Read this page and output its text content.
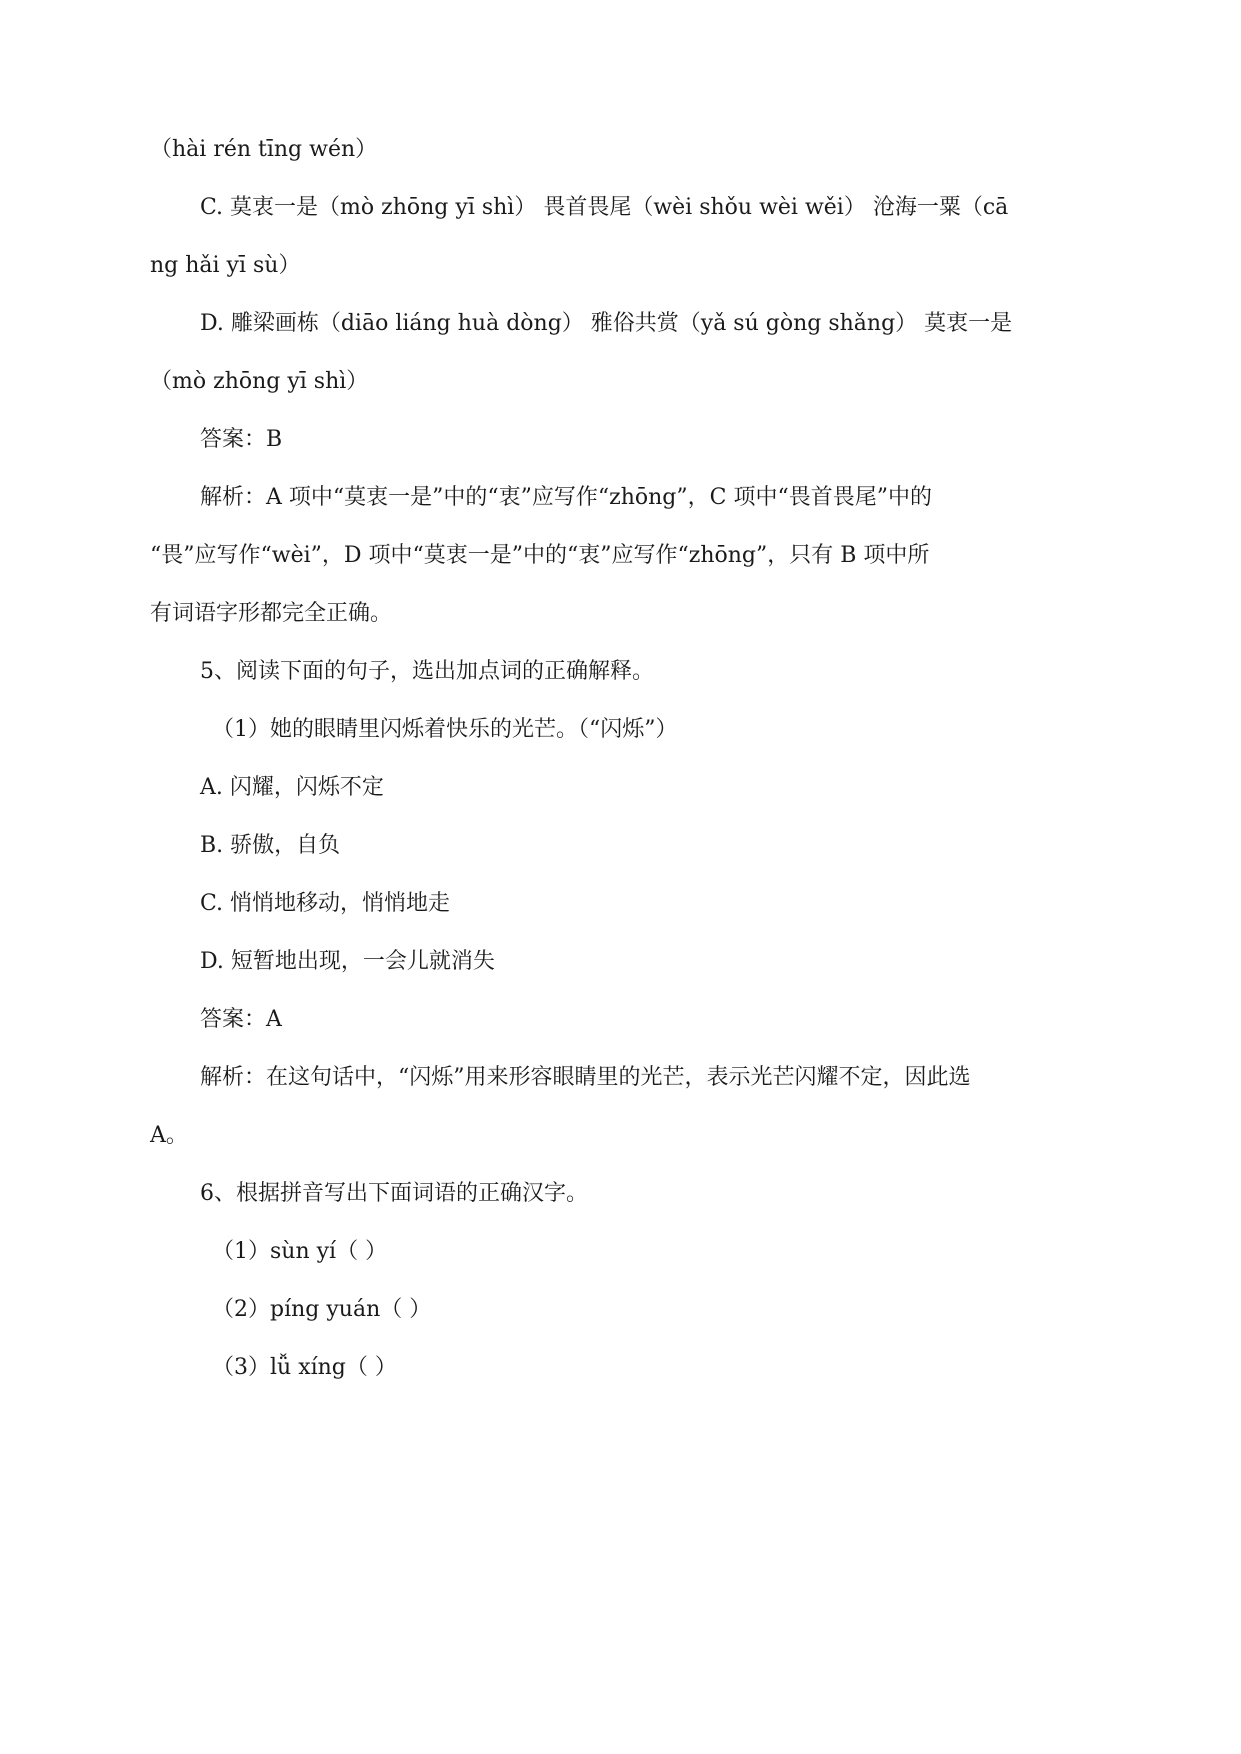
（hài rén tīng wén）
C. 莫衷一是（mò zhōng yī shì） 畏首畏尾（wèi shǒu wèi wěi） 沧海一粟（cā
ng hǎi yī sù）
D. 雕梁画栋（diāo liáng huà dòng） 雅俗共赏（yǎ sú gòng shǎng） 莫衷一是
（mò zhōng yī shì）
答案：B
解析：A 项中“莫衷一是”中的“衷”应写作“zhōng”，C 项中“畏首畏尾”中的
“畏”应写作“wèi”，D 项中“莫衷一是”中的“衷”应写作“zhōng”，只有 B 项中所
有词语字形都完全正确。
5、阅读下面的句子，选出加点词的正确解释。
（1）她的眼睛里闪烁着快乐的光芒。（“闪烁”）
A. 闪耀，闪烁不定
B. 骄傲，自负
C. 悄悄地移动，悄悄地走
D. 短暂地出现，一会儿就消失
答案：A
解析：在这句话中，“闪烁”用来形容眼睛里的光芒，表示光芒闪耀不定，因此选
A。
6、根据拼音写出下面词语的正确汉字。
（1）sùn yí（ ）
（2）píng yuán（ ）
（3）lǚ xíng（ ）
